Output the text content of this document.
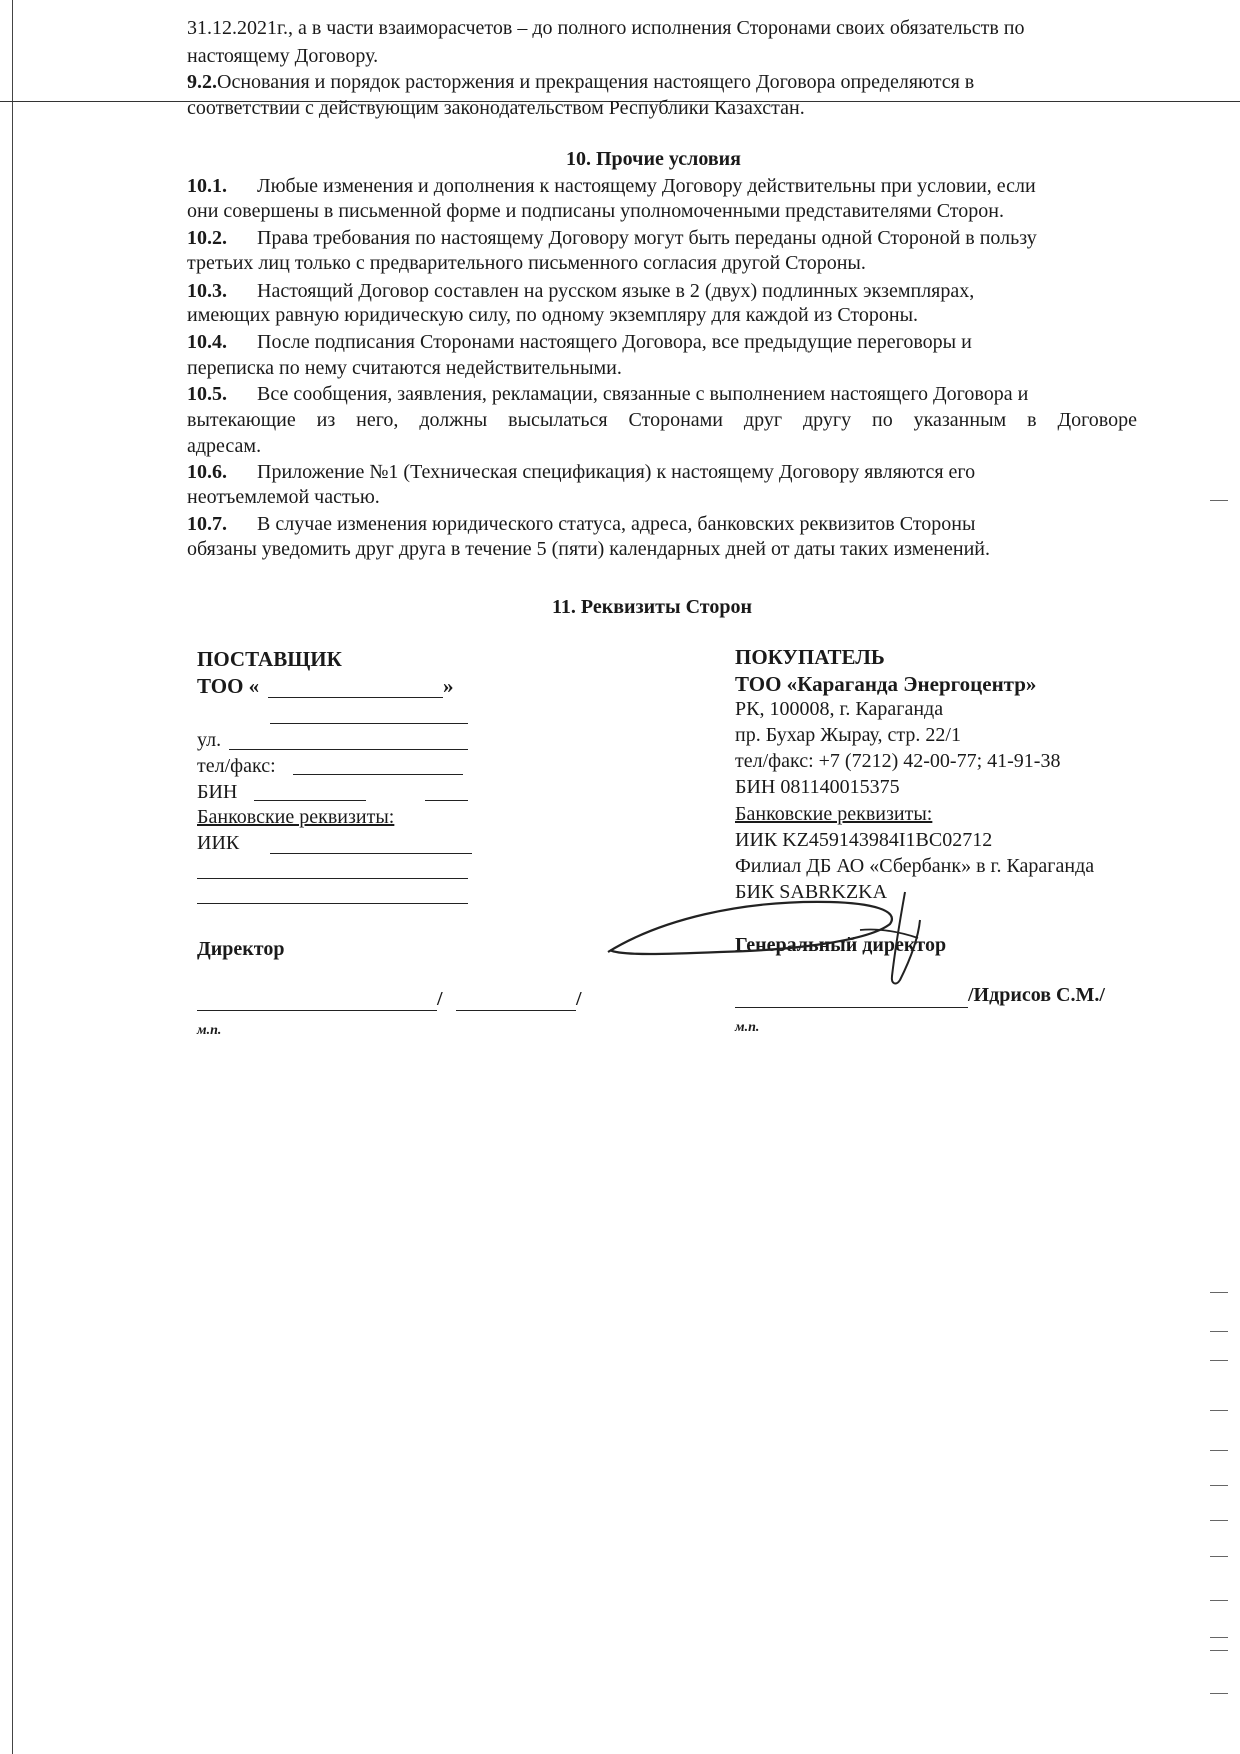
31.12.2021г., а в части взаиморасчетов – до полного исполнения Сторонами своих обязательств по
настоящему Договору.
9.2.Основания и порядок расторжения и прекращения настоящего Договора определяются в
соответствии с действующим законодательством Республики Казахстан.
10. Прочие условия
10.1. Любые изменения и дополнения к настоящему Договору действительны при условии, если
они совершены в письменной форме и подписаны уполномоченными представителями Сторон.
10.2. Права требования по настоящему Договору могут быть переданы одной Стороной в пользу
третьих лиц только с предварительного письменного согласия другой Стороны.
10.3. Настоящий Договор составлен на русском языке в 2 (двух) подлинных экземплярах,
имеющих равную юридическую силу, по одному экземпляру для каждой из Стороны.
10.4. После подписания Сторонами настоящего Договора, все предыдущие переговоры и
переписка по нему считаются недействительными.
10.5. Все сообщения, заявления, рекламации, связанные с выполнением настоящего Договора и
вытекающие из него, должны высылаться Сторонами друг другу по указанным в Договоре
адресам.
10.6. Приложение №1 (Техническая спецификация) к настоящему Договору являются его
неотъемлемой частью.
10.7. В случае изменения юридического статуса, адреса, банковских реквизитов Стороны
обязаны уведомить друг друга в течение 5 (пяти) календарных дней от даты таких изменений.
11. Реквизиты Сторон
ПОСТАВЩИК
ТОО «	»
ул.
тел/факс:
БИН
Банковские реквизиты:
ИИК
Директор
/	/
м.п.
ПОКУПАТЕЛЬ
ТОО «Караганда Энергоцентр»
РК, 100008, г. Караганда
пр. Бухар Жырау, стр. 22/1
тел/факс: +7 (7212) 42-00-77; 41-91-38
БИН 081140015375
Банковские реквизиты:
ИИК KZ459143984I1BC02712
Филиал ДБ АО «Сбербанк» в г. Караганда
БИК SABRKZKA
Генеральный директор
/Идрисов С.М./
м.п.
